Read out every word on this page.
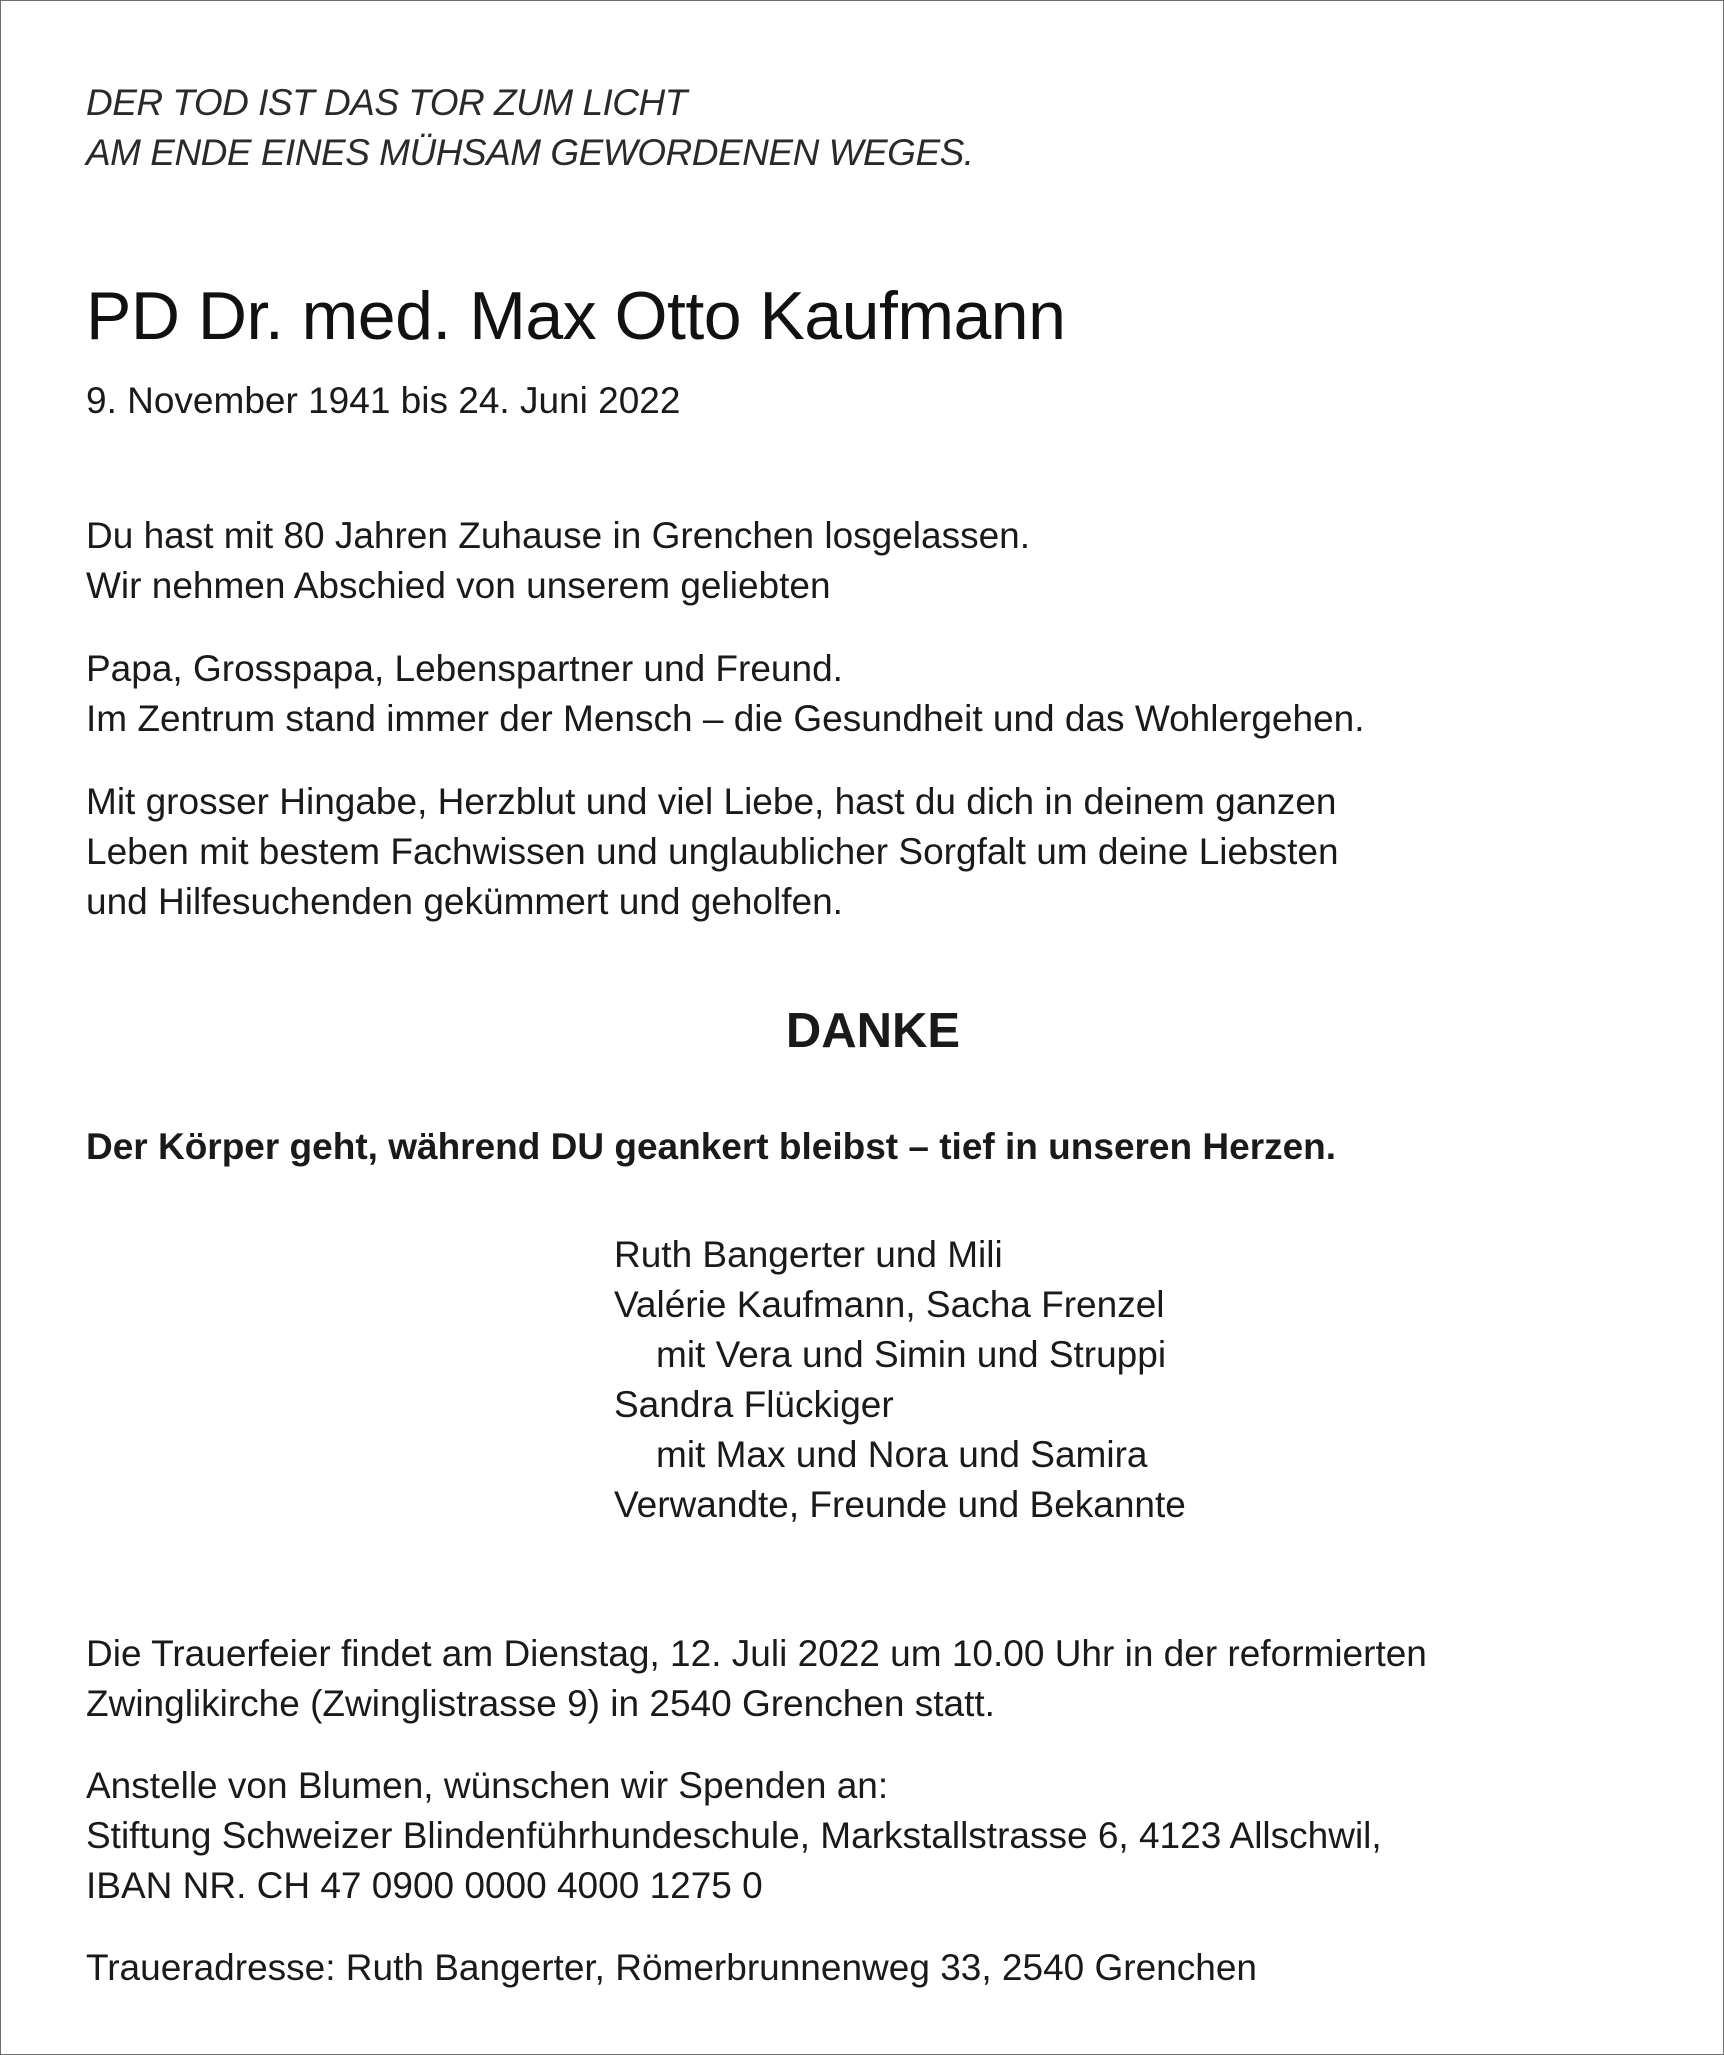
DER TOD IST DAS TOR ZUM LICHT
AM ENDE EINES MÜHSAM GEWORDENEN WEGES.
PD Dr. med. Max Otto Kaufmann

9. November 1941 bis 24. Juni 2022

Du hast mit 80 Jahren Zuhause in Grenchen losgelassen.
Wir nehmen Abschied von unserem geliebten

Papa, Grosspapa, Lebenspartner und Freund.
Im Zentrum stand immer der Mensch – die Gesundheit und das Wohlergehen.

Mit grosser Hingabe, Herzblut und viel Liebe, hast du dich in deinem ganzen
Leben mit bestem Fachwissen und unglaublicher Sorgfalt um deine Liebsten
und Hilfesuchenden gekümmert und geholfen.

DANKE

Der Körper geht, während DU geankert bleibst – tief in unseren Herzen.

Ruth Bangerter und Mili
Valérie Kaufmann, Sacha Frenzel
mit Vera und Simin und Struppi
Sandra Flückiger
mit Max und Nora und Samira
Verwandte, Freunde und Bekannte

Die Trauerfeier findet am Dienstag, 12. Juli 2022 um 10.00 Uhr in der reformierten
Zwinglikirche (Zwinglistrasse 9) in 2540 Grenchen statt.

Anstelle von Blumen, wünschen wir Spenden an:
Stiftung Schweizer Blindenführhundeschule, Markstallstrasse 6, 4123 Allschwil,
IBAN NR. CH 47 0900 0000 4000 1275 0

Traueradresse: Ruth Bangerter, Römerbrunnenweg 33, 2540 Grenchen
